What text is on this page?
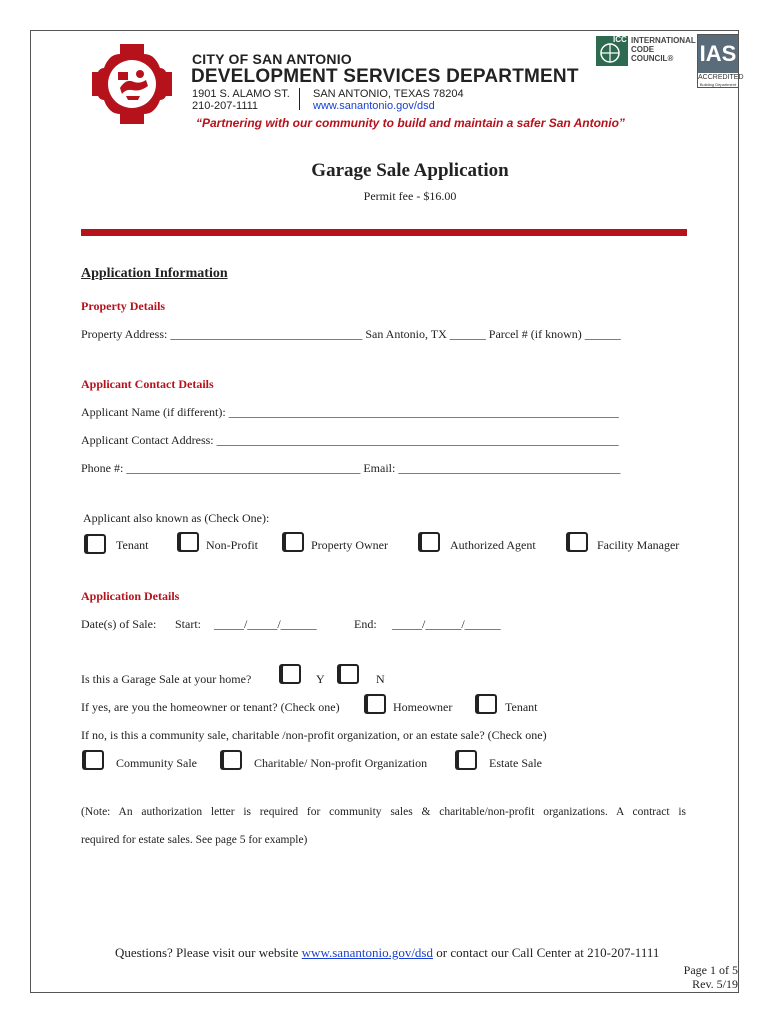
CITY OF SAN ANTONIO
DEVELOPMENT SERVICES DEPARTMENT
1901 S. ALAMO ST. SAN ANTONIO, TEXAS 78204
210-207-1111	www.sanantonio.gov/dsd
“Partnering with our community to build and maintain a safer San Antonio”
ICC INTERNATIONAL
CODE
COUNCIL®	IAS
ACCREDITED
Building Department
Garage Sale Application
Permit fee - $16.00
Application Information
Property Details
Property Address: ________________________________ San Antonio, TX ______ Parcel # (if known) ______
Applicant Contact Details
Applicant Name (if different): _________________________________________________________________
Applicant Contact Address: ___________________________________________________________________
Phone #: _______________________________________ Email: _____________________________________
Applicant also known as (Check One):
Tenant	Non-Profit	Property Owner	Authorized Agent	Facility Manager
Application Details
Date(s) of Sale: Start: _____/_____/______	End: _____/______/______
Is this a Garage Sale at your home?	Y	N
If yes, are you the homeowner or tenant? (Check one)	Homeowner	Tenant
If no, is this a community sale, charitable /non-profit organization, or an estate sale? (Check one)
Community Sale	Charitable/ Non-profit Organization	Estate Sale
(Note: An authorization letter is required for community sales & charitable/non-profit organizations. A contract is
required for estate sales. See page 5 for example)
Questions? Please visit our website www.sanantonio.gov/dsd or contact our Call Center at 210-207-1111
Page 1 of 5
Rev. 5/19
